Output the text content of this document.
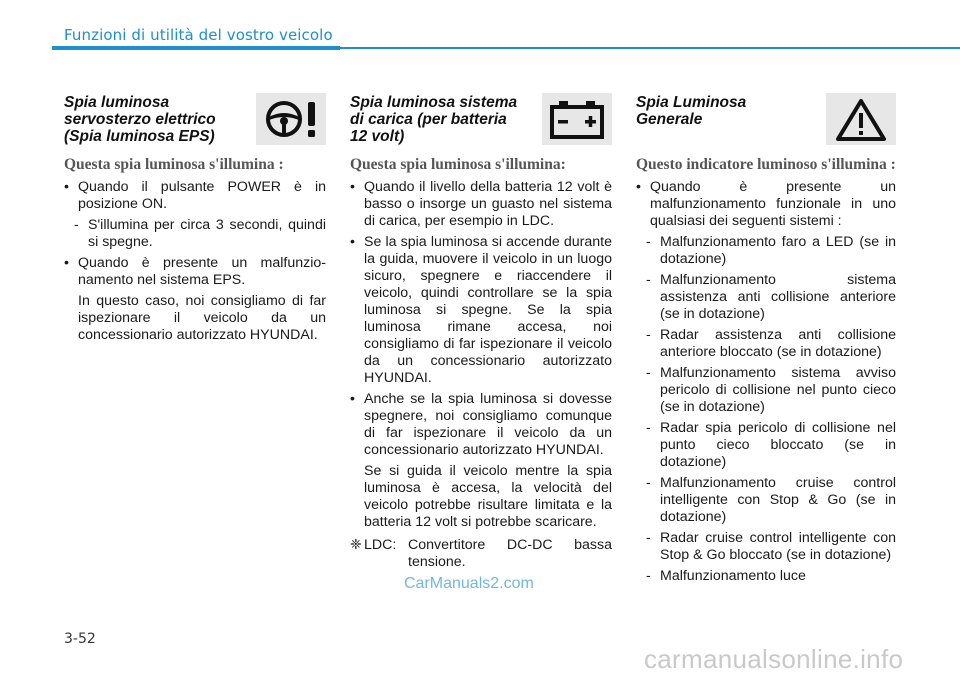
Funzioni di utilità del vostro veicolo
Spia luminosa servosterzo elettrico (Spia luminosa EPS)
Questa spia luminosa s'illumina :
• Quando il pulsante POWER è in posizione ON.
- S'illumina per circa 3 secondi, quindi si spegne.
• Quando è presente un malfunzio-namento nel sistema EPS.
In questo caso, noi consigliamo di far ispezionare il veicolo da un concessionario autorizzato HYUNDAI.
Spia luminosa sistema di carica (per batteria 12 volt)
Questa spia luminosa s'illumina:
• Quando il livello della batteria 12 volt è basso o insorge un guasto nel sistema di carica, per esempio in LDC.
• Se la spia luminosa si accende durante la guida, muovere il veicolo in un luogo sicuro, spegnere e riaccendere il veicolo, quindi controllare se la spia luminosa si spegne. Se la spia luminosa rimane accesa, noi consigliamo di far ispezionare il veicolo da un concessionario autorizzato HYUNDAI.
• Anche se la spia luminosa si dovesse spegnere, noi consigliamo comunque di far ispezionare il veicolo da un concessionario autorizzato HYUNDAI.
Se si guida il veicolo mentre la spia luminosa è accesa, la velocità del veicolo potrebbe risultare limitata e la batteria 12 volt si potrebbe scaricare.
❈ LDC: Convertitore DC-DC bassa tensione.
Spia Luminosa Generale
Questo indicatore luminoso s'illumina :
• Quando è presente un malfunzionamento funzionale in uno qualsiasi dei seguenti sistemi :
- Malfunzionamento faro a LED (se in dotazione)
- Malfunzionamento sistema assistenza anti collisione anteriore (se in dotazione)
- Radar assistenza anti collisione anteriore bloccato (se in dotazione)
- Malfunzionamento sistema avviso pericolo di collisione nel punto cieco (se in dotazione)
- Radar spia pericolo di collisione nel punto cieco bloccato (se in dotazione)
- Malfunzionamento cruise control intelligente con Stop & Go (se in dotazione)
- Radar cruise control intelligente con Stop & Go bloccato (se in dotazione)
- Malfunzionamento luce
3-52
CarManuals2.com
carmanualsonline.info
